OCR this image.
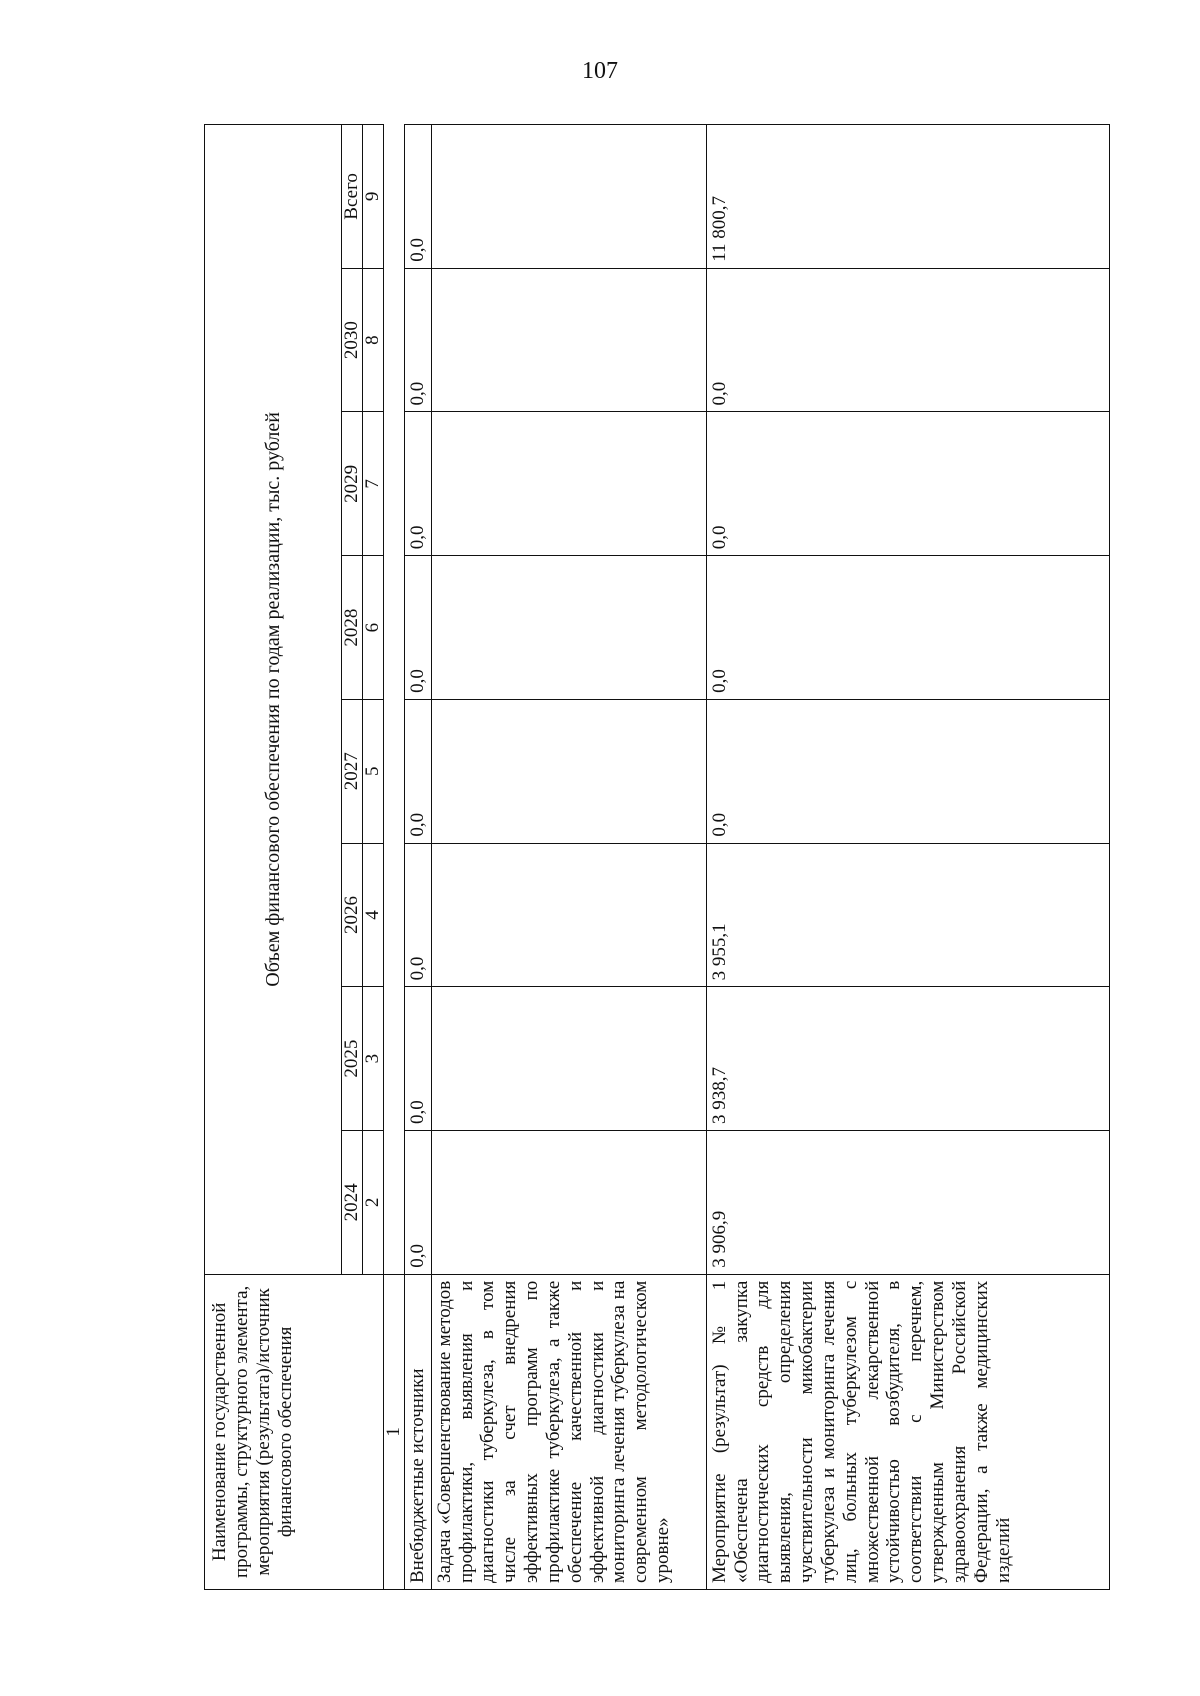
107
Наименование государственной программы, структурного элемента, мероприятия (результата)/источник финансового обеспечения	Объем финансового обеспечения по годам реализации, тыс. рублей							
	2024	2025	2026	2027	2028	2029	2030	Всего
	2	3	4	5	6	7	8	9
1								
Внебюджетные источники	0,0	0,0	0,0	0,0	0,0	0,0	0,0	0,0
Задача «Совершенствование методов профилактики, выявления и диагностики туберкулеза, в том числе за счет внедрения эффективных программ по профилактике туберкулеза, а также обеспечение качественной и эффективной диагностики и мониторинга лечения туберкулеза на современном методологическом уровне»								
Мероприятие (результат) № 1 «Обеспечена закупка диагностических средств для выявления, определения чувствительности микобактерии туберкулеза и мониторинга лечения лиц, больных туберкулезом с множественной лекарственной устойчивостью возбудителя, в соответствии с перечнем, утвержденным Министерством здравоохранения Российской Федерации, а также медицинских изделий	3 906,9	3 938,7	3 955,1	0,0	0,0	0,0	0,0	11 800,7
